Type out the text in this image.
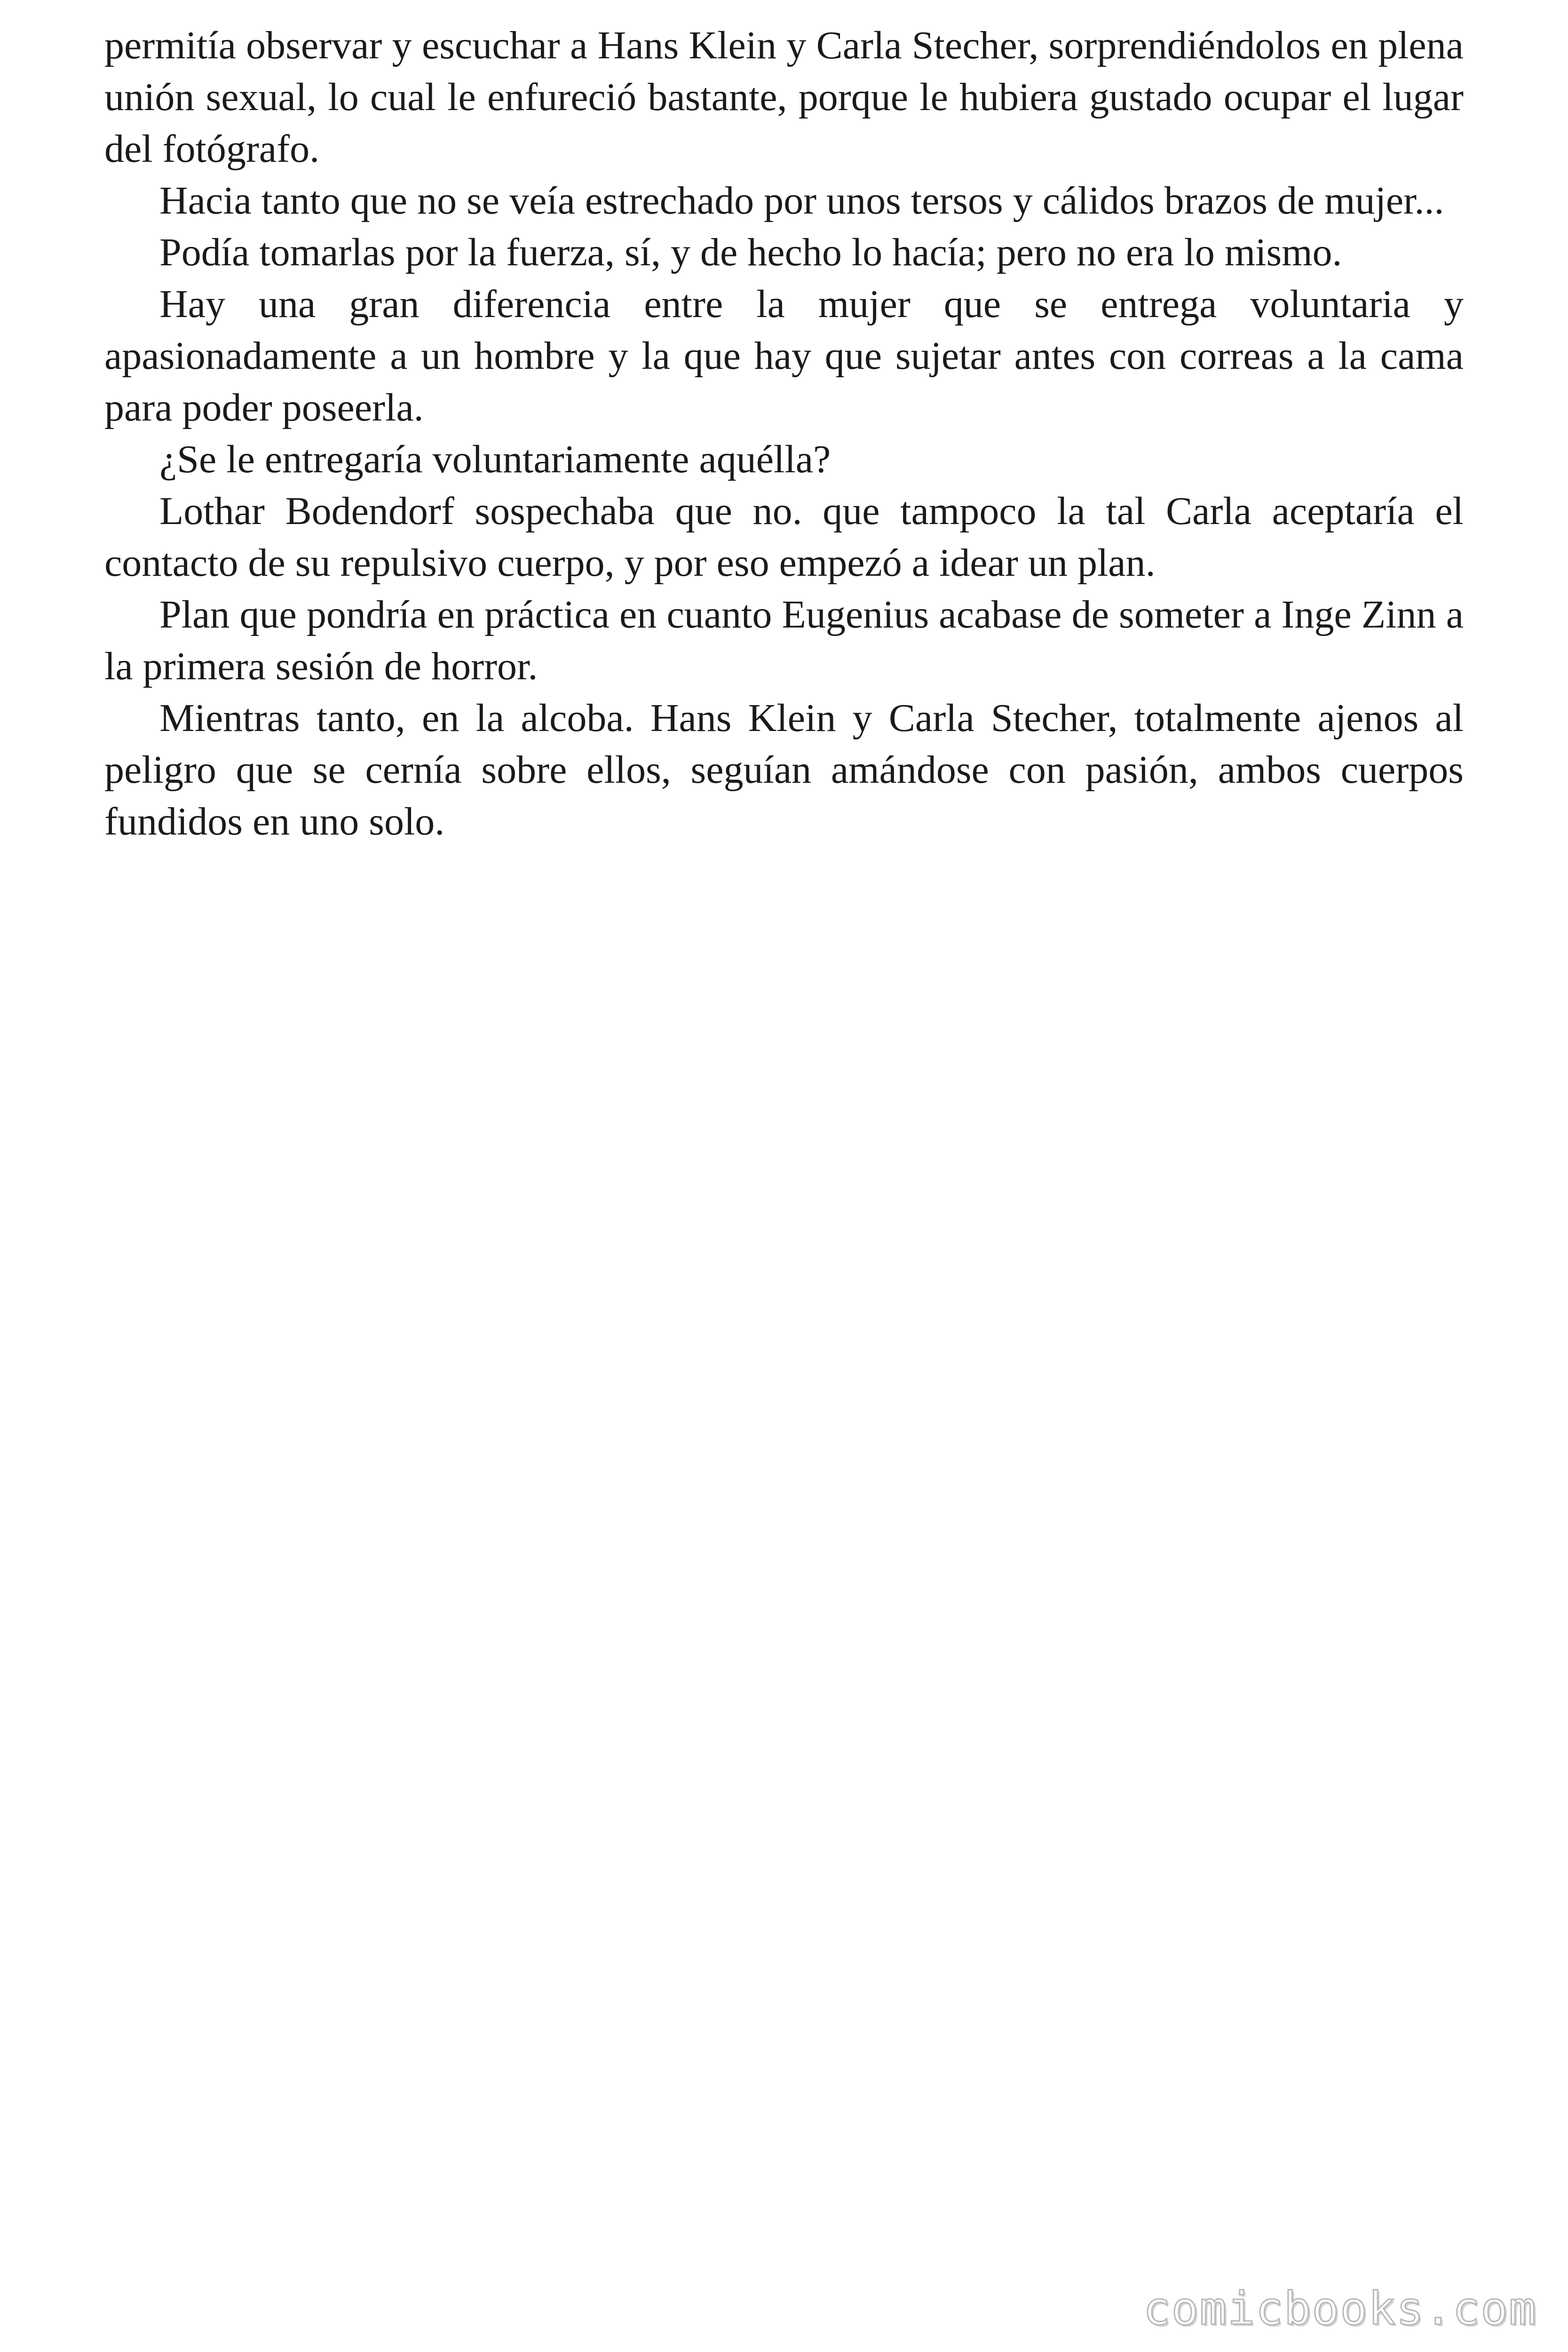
permitía observar y escuchar a Hans Klein y Carla Stecher, sorprendiéndolos en plena unión sexual, lo cual le enfureció bastante, porque le hubiera gustado ocupar el lugar del fotógrafo.

Hacia tanto que no se veía estrechado por unos tersos y cálidos brazos de mujer...

Podía tomarlas por la fuerza, sí, y de hecho lo hacía; pero no era lo mismo.

Hay una gran diferencia entre la mujer que se entrega voluntaria y apasionadamente a un hombre y la que hay que sujetar antes con correas a la cama para poder poseerla.

¿Se le entregaría voluntariamente aquélla?

Lothar Bodendorf sospechaba que no. que tampoco la tal Carla aceptaría el contacto de su repulsivo cuerpo, y por eso empezó a idear un plan.

Plan que pondría en práctica en cuanto Eugenius acabase de someter a Inge Zinn a la primera sesión de horror.

Mientras tanto, en la alcoba. Hans Klein y Carla Stecher, totalmente ajenos al peligro que se cernía sobre ellos, seguían amándose con pasión, ambos cuerpos fundidos en uno solo.

comicbooks.com
